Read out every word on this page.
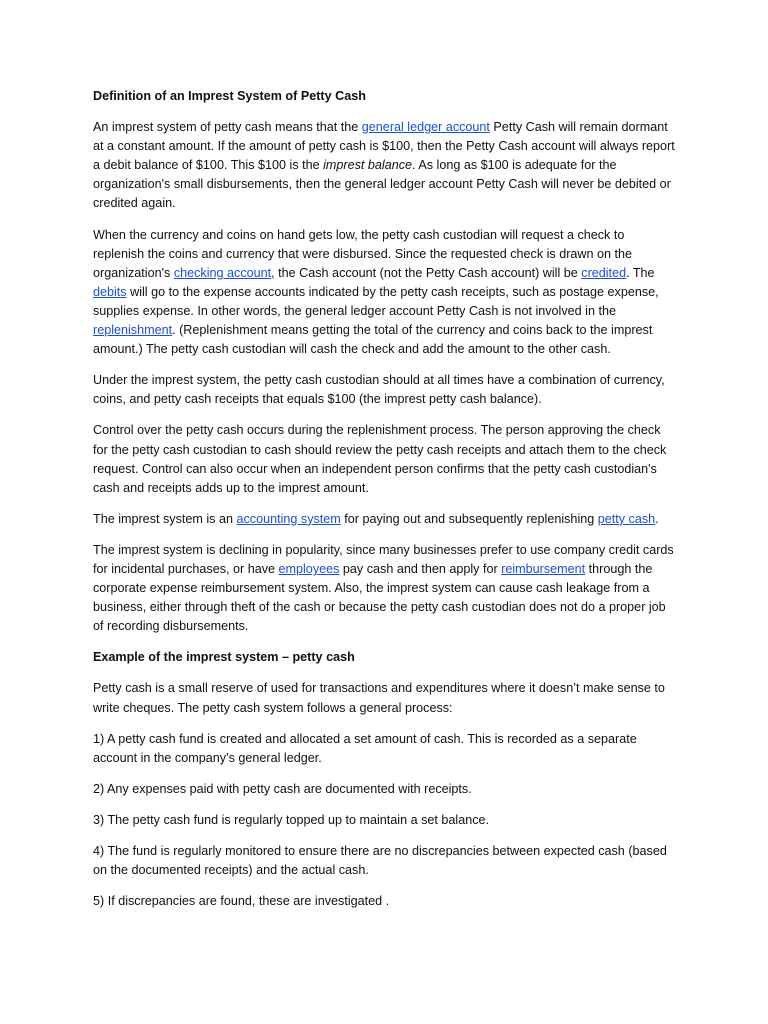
Definition of an Imprest System of Petty Cash

An imprest system of petty cash means that the general ledger account Petty Cash will remain dormant at a constant amount. If the amount of petty cash is $100, then the Petty Cash account will always report a debit balance of $100. This $100 is the imprest balance. As long as $100 is adequate for the organization's small disbursements, then the general ledger account Petty Cash will never be debited or credited again.

When the currency and coins on hand gets low, the petty cash custodian will request a check to replenish the coins and currency that were disbursed. Since the requested check is drawn on the organization's checking account, the Cash account (not the Petty Cash account) will be credited. The debits will go to the expense accounts indicated by the petty cash receipts, such as postage expense, supplies expense. In other words, the general ledger account Petty Cash is not involved in the replenishment. (Replenishment means getting the total of the currency and coins back to the imprest amount.) The petty cash custodian will cash the check and add the amount to the other cash.

Under the imprest system, the petty cash custodian should at all times have a combination of currency, coins, and petty cash receipts that equals $100 (the imprest petty cash balance).

Control over the petty cash occurs during the replenishment process. The person approving the check for the petty cash custodian to cash should review the petty cash receipts and attach them to the check request. Control can also occur when an independent person confirms that the petty cash custodian's cash and receipts adds up to the imprest amount.

The imprest system is an accounting system for paying out and subsequently replenishing petty cash.

The imprest system is declining in popularity, since many businesses prefer to use company credit cards for incidental purchases, or have employees pay cash and then apply for reimbursement through the corporate expense reimbursement system. Also, the imprest system can cause cash leakage from a business, either through theft of the cash or because the petty cash custodian does not do a proper job of recording disbursements.

Example of the imprest system – petty cash

Petty cash is a small reserve of used for transactions and expenditures where it doesn’t make sense to write cheques. The petty cash system follows a general process:

1) A petty cash fund is created and allocated a set amount of cash. This is recorded as a separate account in the company’s general ledger.

2) Any expenses paid with petty cash are documented with receipts.

3) The petty cash fund is regularly topped up to maintain a set balance.

4) The fund is regularly monitored to ensure there are no discrepancies between expected cash (based on the documented receipts) and the actual cash.

5) If discrepancies are found, these are investigated .
